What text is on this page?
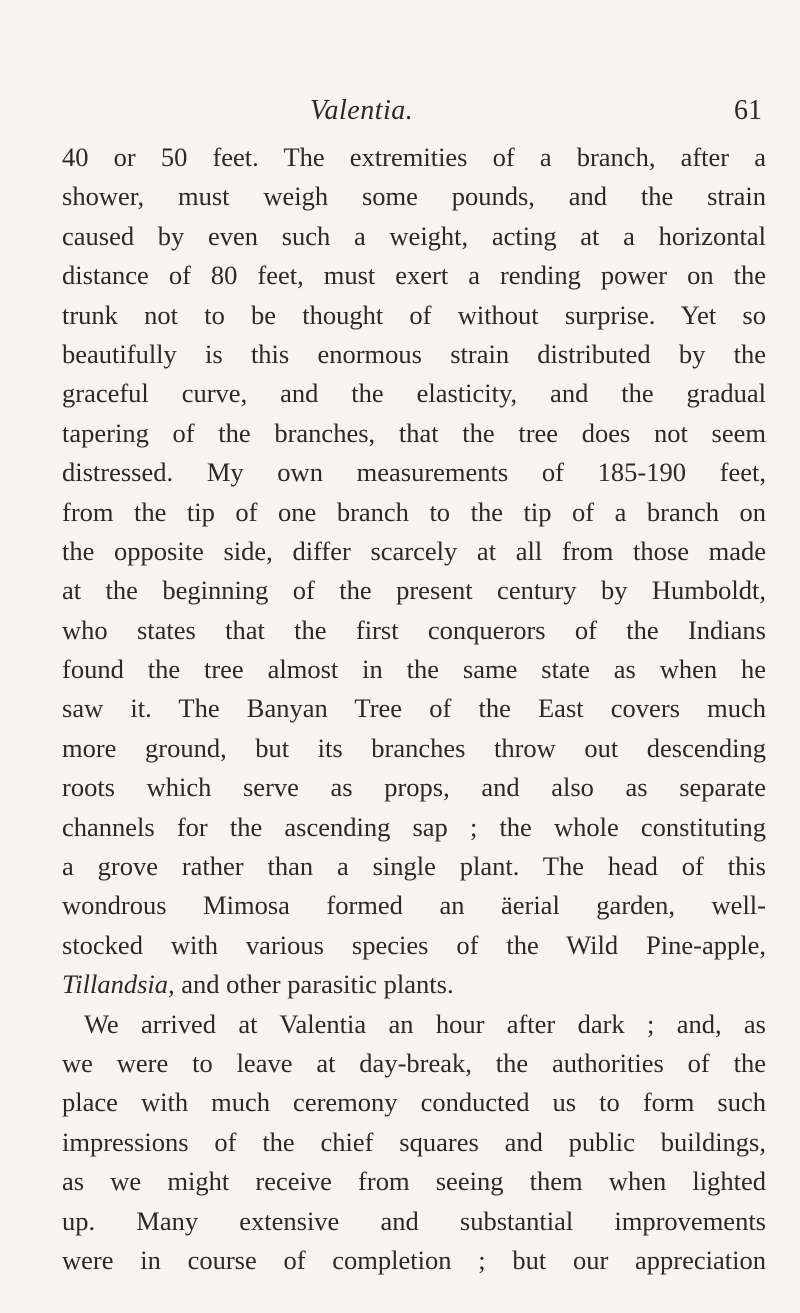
Valentia.	61
40 or 50 feet. The extremities of a branch, after a
shower, must weigh some pounds, and the strain
caused by even such a weight, acting at a horizontal
distance of 80 feet, must exert a rending power on the
trunk not to be thought of without surprise. Yet so
beautifully is this enormous strain distributed by the
graceful curve, and the elasticity, and the gradual
tapering of the branches, that the tree does not seem
distressed. My own measurements of 185-190 feet,
from the tip of one branch to the tip of a branch on
the opposite side, differ scarcely at all from those made
at the beginning of the present century by Humboldt,
who states that the first conquerors of the Indians
found the tree almost in the same state as when he
saw it. The Banyan Tree of the East covers much
more ground, but its branches throw out descending
roots which serve as props, and also as separate
channels for the ascending sap ; the whole constituting
a grove rather than a single plant. The head of this
wondrous Mimosa formed an äerial garden, well-
stocked with various species of the Wild Pine-apple,
Tillandsia, and other parasitic plants.
We arrived at Valentia an hour after dark ; and, as
we were to leave at day-break, the authorities of the
place with much ceremony conducted us to form such
impressions of the chief squares and public buildings,
as we might receive from seeing them when lighted
up. Many extensive and substantial improvements
were in course of completion ; but our appreciation
